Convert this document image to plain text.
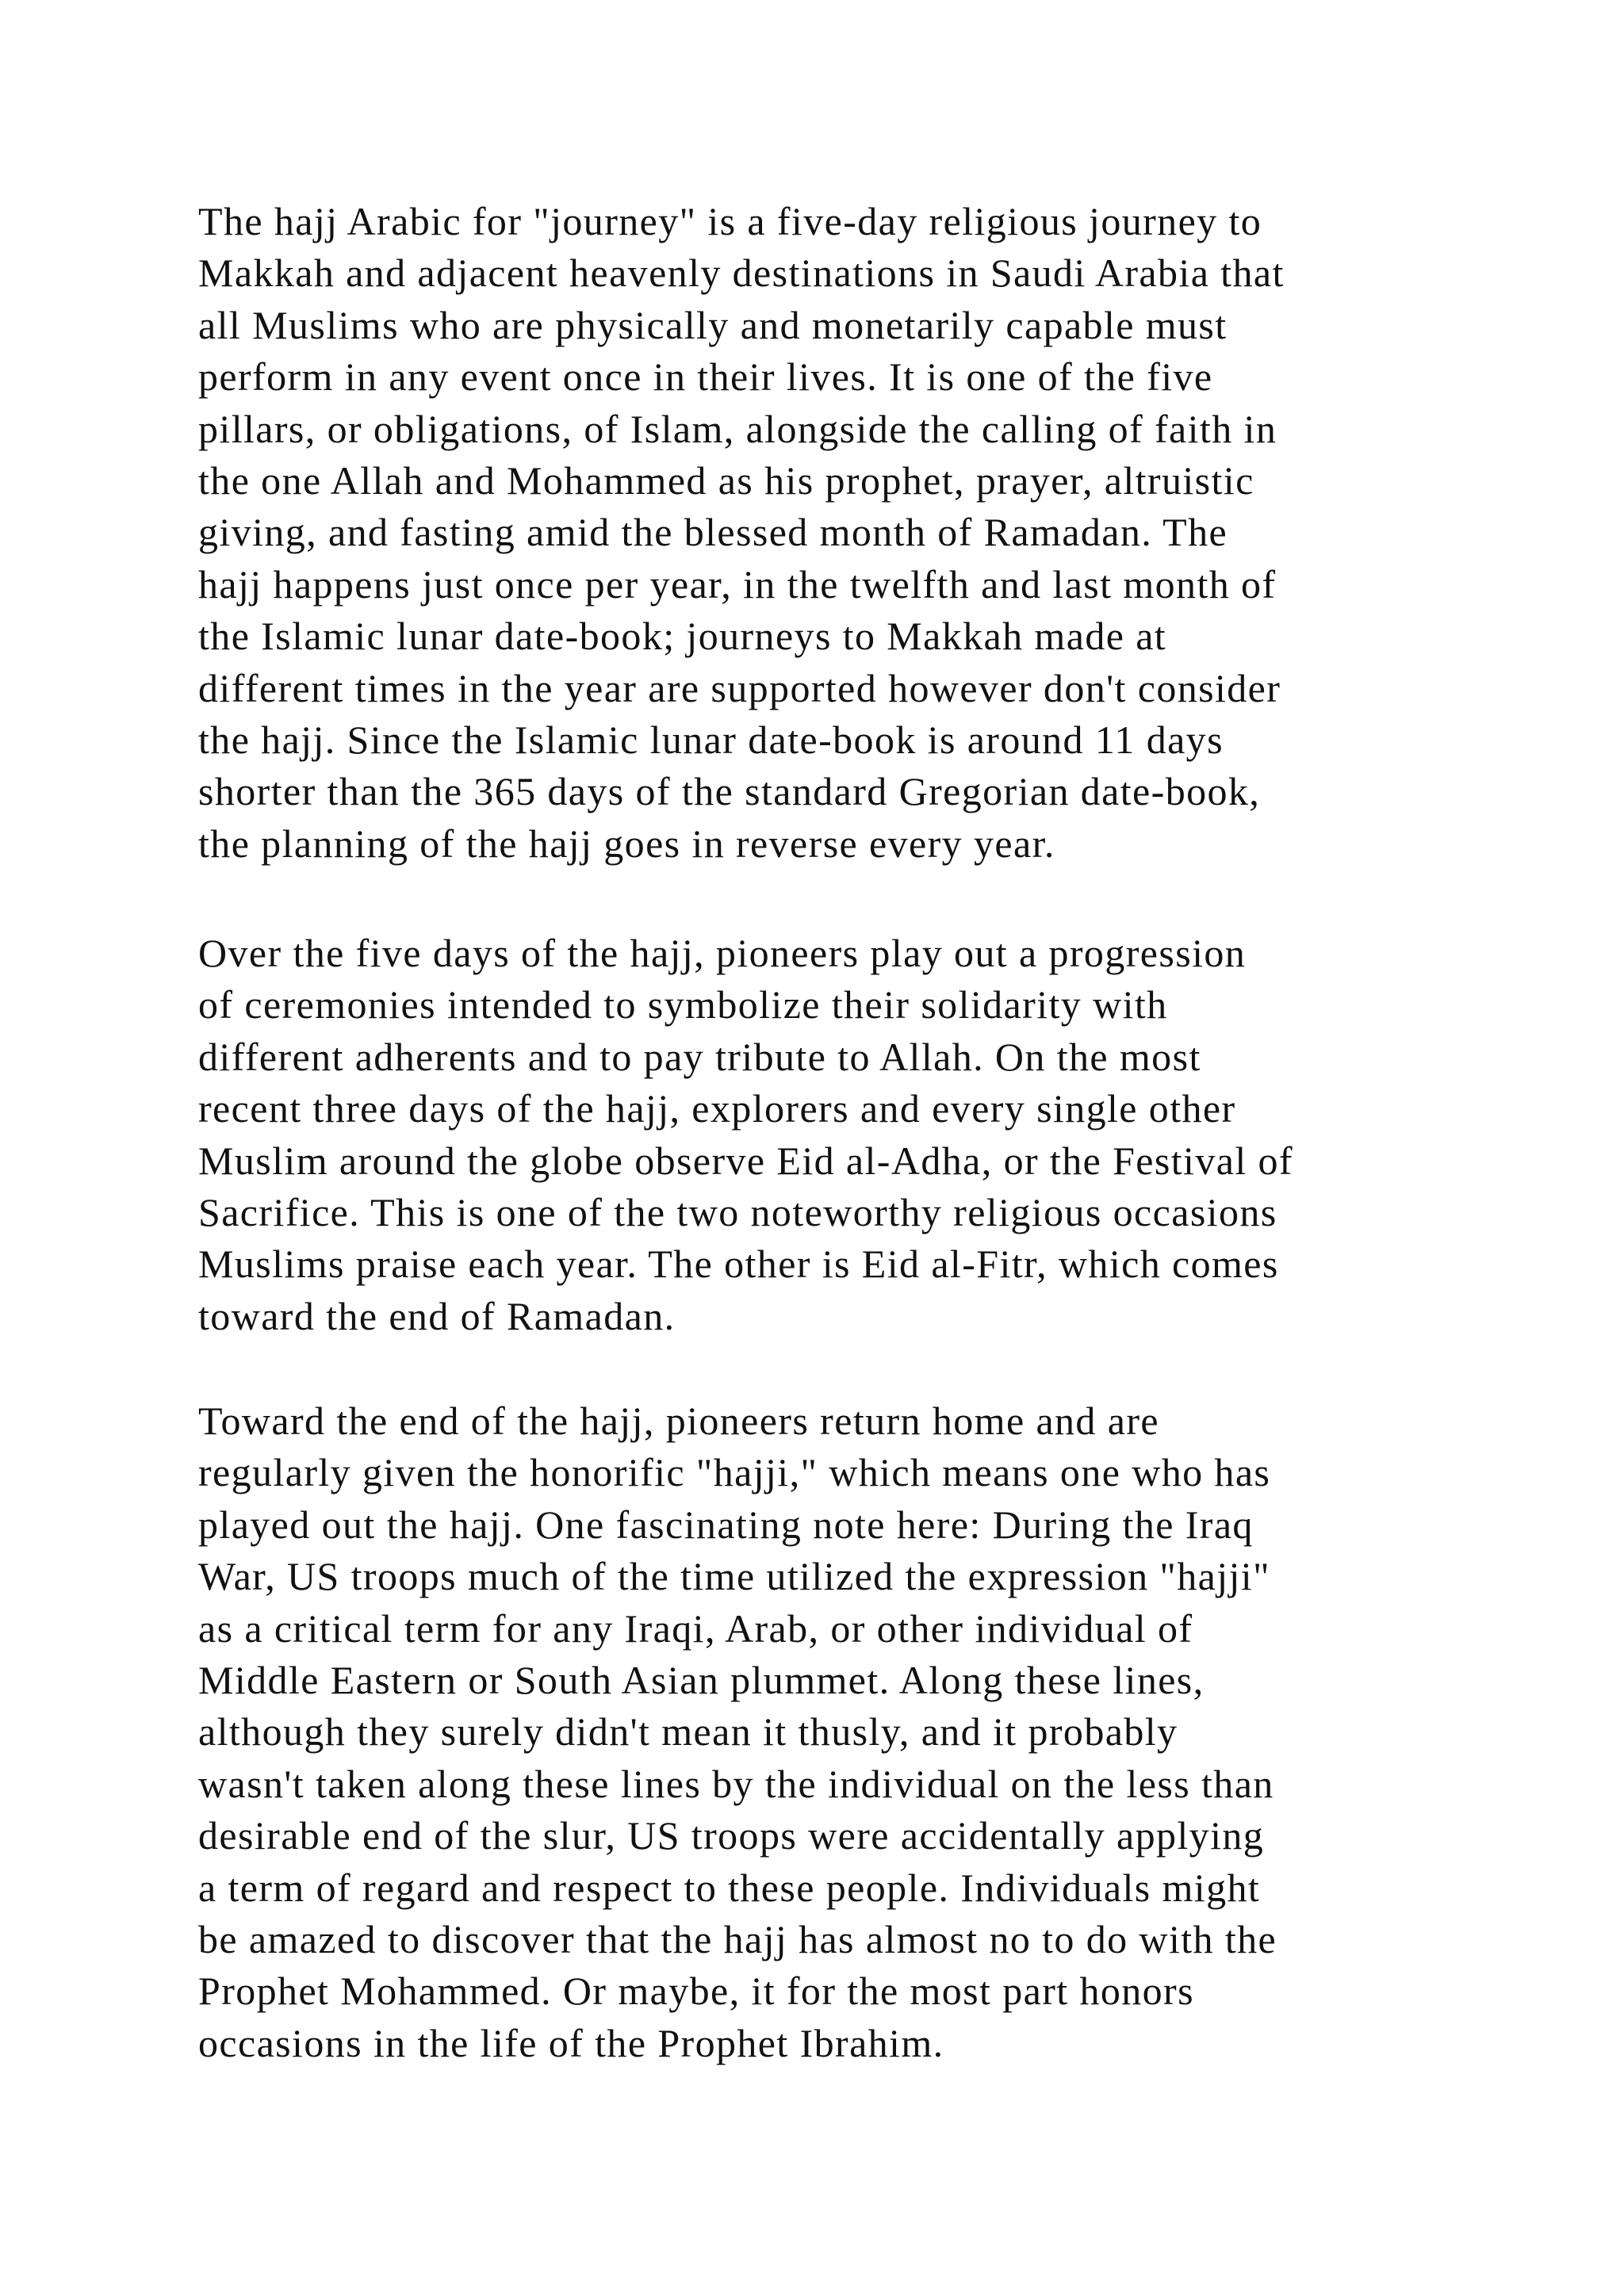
The hajj Arabic for "journey" is a five-day religious journey to
Makkah and adjacent heavenly destinations in Saudi Arabia that
all Muslims who are physically and monetarily capable must
perform in any event once in their lives. It is one of the five
pillars, or obligations, of Islam, alongside the calling of faith in
the one Allah and Mohammed as his prophet, prayer, altruistic
giving, and fasting amid the blessed month of Ramadan. The
hajj happens just once per year, in the twelfth and last month of
the Islamic lunar date-book; journeys to Makkah made at
different times in the year are supported however don't consider
the hajj. Since the Islamic lunar date-book is around 11 days
shorter than the 365 days of the standard Gregorian date-book,
the planning of the hajj goes in reverse every year.
Over the five days of the hajj, pioneers play out a progression
of ceremonies intended to symbolize their solidarity with
different adherents and to pay tribute to Allah. On the most
recent three days of the hajj, explorers and every single other
Muslim around the globe observe Eid al-Adha, or the Festival of
Sacrifice. This is one of the two noteworthy religious occasions
Muslims praise each year. The other is Eid al-Fitr, which comes
toward the end of Ramadan.
Toward the end of the hajj, pioneers return home and are
regularly given the honorific "hajji," which means one who has
played out the hajj. One fascinating note here: During the Iraq
War, US troops much of the time utilized the expression "hajji"
as a critical term for any Iraqi, Arab, or other individual of
Middle Eastern or South Asian plummet. Along these lines,
although they surely didn't mean it thusly, and it probably
wasn't taken along these lines by the individual on the less than
desirable end of the slur, US troops were accidentally applying
a term of regard and respect to these people. Individuals might
be amazed to discover that the hajj has almost no to do with the
Prophet Mohammed. Or maybe, it for the most part honors
occasions in the life of the Prophet Ibrahim.
